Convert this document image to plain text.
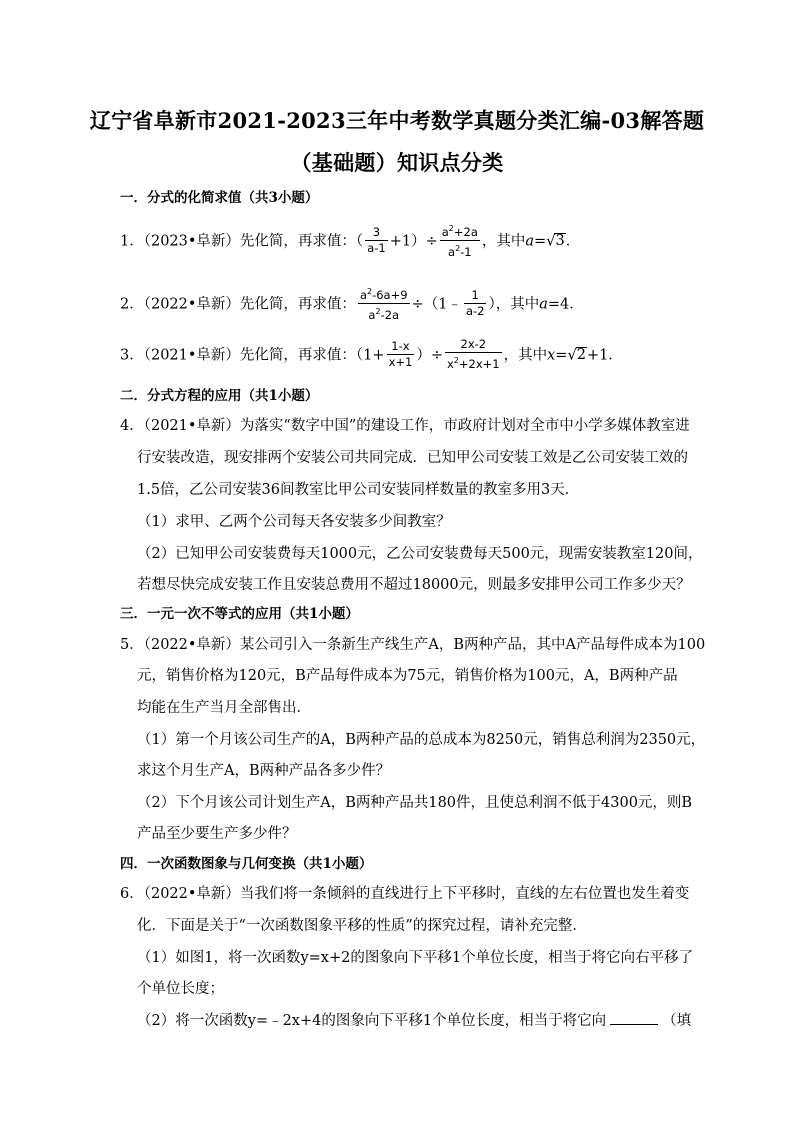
辽宁省阜新市2021-2023三年中考数学真题分类汇编-03解答题
（基础题）知识点分类
一．分式的化简求值（共3小题）
1．（2023•阜新）先化简，再求值：（ $\frac{3}{a-1} +1)\div \frac{a^2+2a}{a^2-1}$ ，其中a=√3．
2．（2022•阜新）先化简，再求值： $\frac{a^2-6a+9}{a^2-2a}$ ÷（1﹣ $\frac{1}{a-2}$ ），其中a=4．
3．（2021•阜新）先化简，再求值：（$1+ \frac{1-x}{x+1}$ ）÷ $\frac{2x-2}{x^2+2x+1}$ ，其中x=√2+1．
二．分式方程的应用（共1小题）
4．（2021•阜新）为落实“数字中国”的建设工作，市政府计划对全市中小学多媒体教室进
行安装改造，现安排两个安装公司共同完成．已知甲公司安装工效是乙公司安装工效的
1.5倍，乙公司安装36间教室比甲公司安装同样数量的教室多用3天．
（1）求甲、乙两个公司每天各安装多少间教室？
（2）已知甲公司安装费每天1000元，乙公司安装费每天500元，现需安装教室120间，
若想尽快完成安装工作且安装总费用不超过18000元，则最多安排甲公司工作多少天？
三．一元一次不等式的应用（共1小题）
5．（2022•阜新）某公司引入一条新生产线生产A，B两种产品，其中A产品每件成本为100
元，销售价格为120元，B产品每件成本为75元，销售价格为100元，A，B两种产品
均能在生产当月全部售出．
（1）第一个月该公司生产的A，B两种产品的总成本为8250元，销售总利润为2350元，
求这个月生产A，B两种产品各多少件？
（2）下个月该公司计划生产A，B两种产品共180件，且使总利润不低于4300元，则B
产品至少要生产多少件？
四．一次函数图象与几何变换（共1小题）
6．（2022•阜新）当我们将一条倾斜的直线进行上下平移时，直线的左右位置也发生着变
化．下面是关于“一次函数图象平移的性质”的探究过程，请补充完整．
（1）如图1，将一次函数y=x+2的图象向下平移1个单位长度，相当于将它向右平移了
个单位长度；
（2）将一次函数y=﹣2x+4的图象向下平移1个单位长度，相当于将它向	（填
